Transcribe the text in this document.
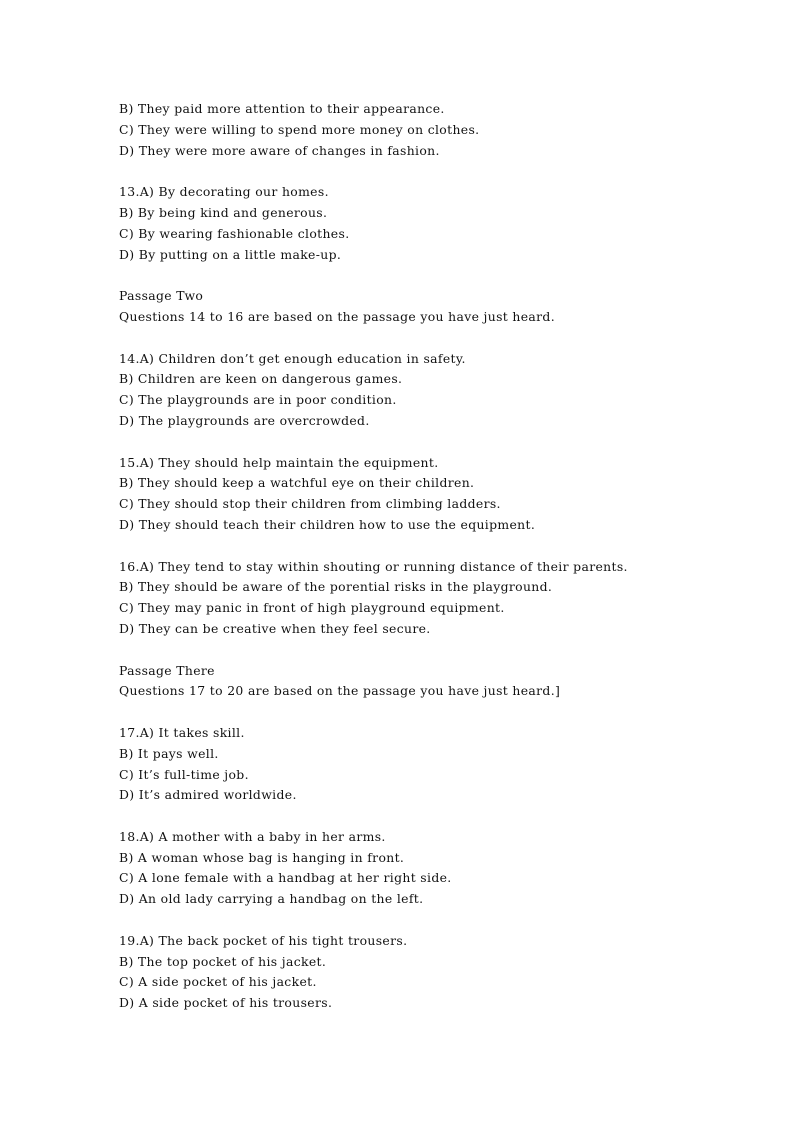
B) They paid more attention to their appearance.
C) They were willing to spend more money on clothes.
D) They were more aware of changes in fashion.
13.A) By decorating our homes.
B) By being kind and generous.
C) By wearing fashionable clothes.
D) By putting on a little make-up.
Passage Two
Questions 14 to 16 are based on the passage you have just heard.
14.A) Children don’t get enough education in safety.
B) Children are keen on dangerous games.
C) The playgrounds are in poor condition.
D) The playgrounds are overcrowded.
15.A) They should help maintain the equipment.
B) They should keep a watchful eye on their children.
C) They should stop their children from climbing ladders.
D) They should teach their children how to use the equipment.
16.A) They tend to stay within shouting or running distance of their parents.
B) They should be aware of the porential risks in the playground.
C) They may panic in front of high playground equipment.
D) They can be creative when they feel secure.
Passage There
Questions 17 to 20 are based on the passage you have just heard.]
17.A) It takes skill.
B) It pays well.
C) It’s full-time job.
D) It’s admired worldwide.
18.A) A mother with a baby in her arms.
B) A woman whose bag is hanging in front.
C) A lone female with a handbag at her right side.
D) An old lady carrying a handbag on the left.
19.A) The back pocket of his tight trousers.
B) The top pocket of his jacket.
C) A side pocket of his jacket.
D) A side pocket of his trousers.
